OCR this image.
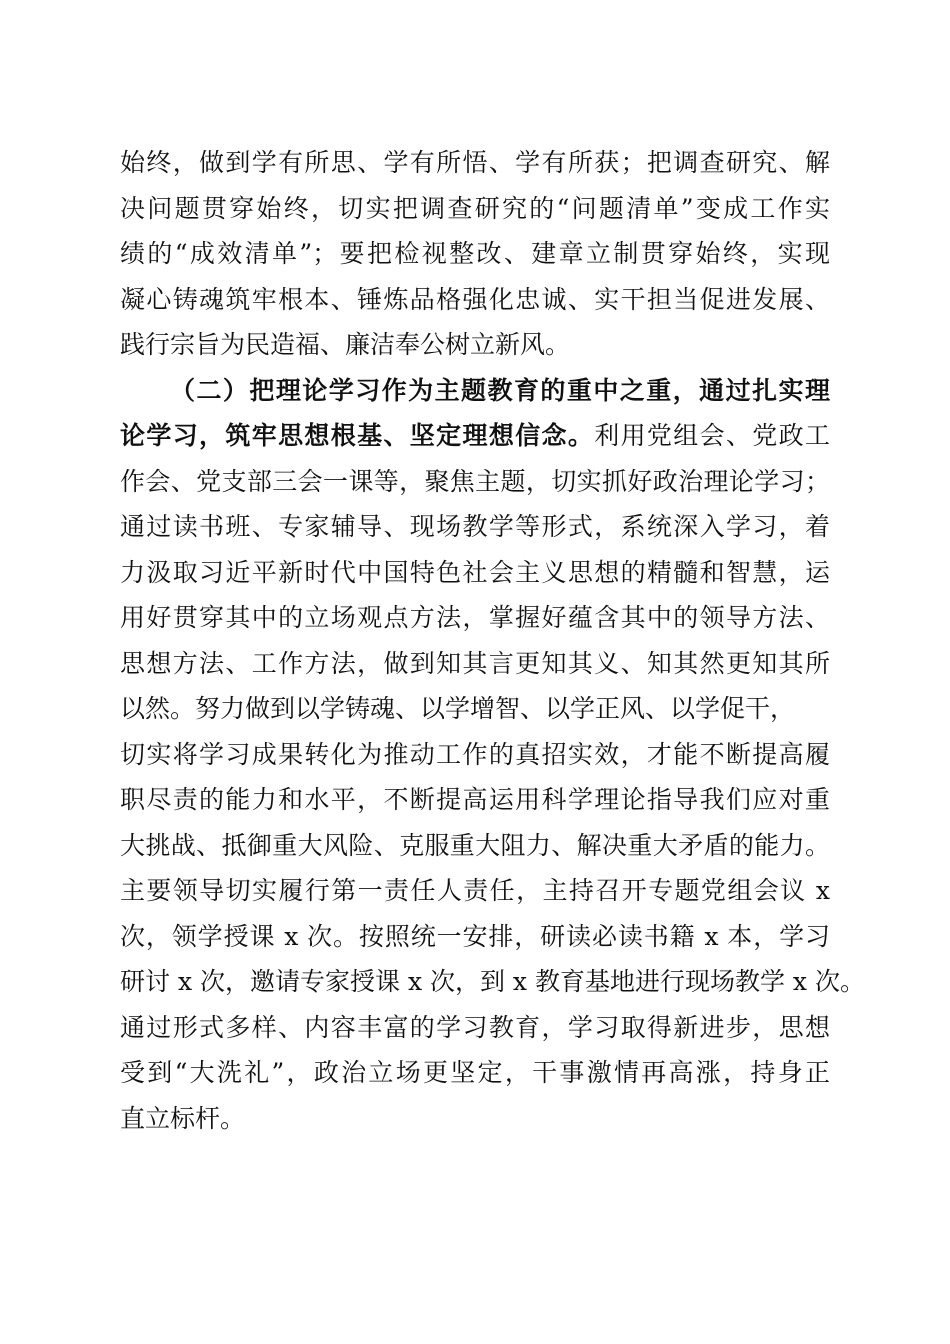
始终，做到学有所思、学有所悟、学有所获；把调查研究、解
决问题贯穿始终，切实把调查研究的“问题清单”变成工作实
绩的“成效清单”；要把检视整改、建章立制贯穿始终，实现
凝心铸魂筑牢根本、锤炼品格强化忠诚、实干担当促进发展、
践行宗旨为民造福、廉洁奉公树立新风。
（二）把理论学习作为主题教育的重中之重，通过扎实理
论学习，筑牢思想根基、坚定理想信念。利用党组会、党政工
作会、党支部三会一课等，聚焦主题，切实抓好政治理论学习；
通过读书班、专家辅导、现场教学等形式，系统深入学习，着
力汲取习近平新时代中国特色社会主义思想的精髓和智慧，运
用好贯穿其中的立场观点方法，掌握好蕴含其中的领导方法、
思想方法、工作方法，做到知其言更知其义、知其然更知其所
以然。努力做到以学铸魂、以学增智、以学正风、以学促干，
切实将学习成果转化为推动工作的真招实效，才能不断提高履
职尽责的能力和水平，不断提高运用科学理论指导我们应对重
大挑战、抵御重大风险、克服重大阻力、解决重大矛盾的能力。
主要领导切实履行第一责任人责任，主持召开专题党组会议 x
次，领学授课 x 次。按照统一安排，研读必读书籍 x 本，学习
研讨 x 次，邀请专家授课 x 次，到 x 教育基地进行现场教学 x 次。
通过形式多样、内容丰富的学习教育，学习取得新进步，思想
受到“大洗礼”，政治立场更坚定，干事激情再高涨，持身正
直立标杆。
